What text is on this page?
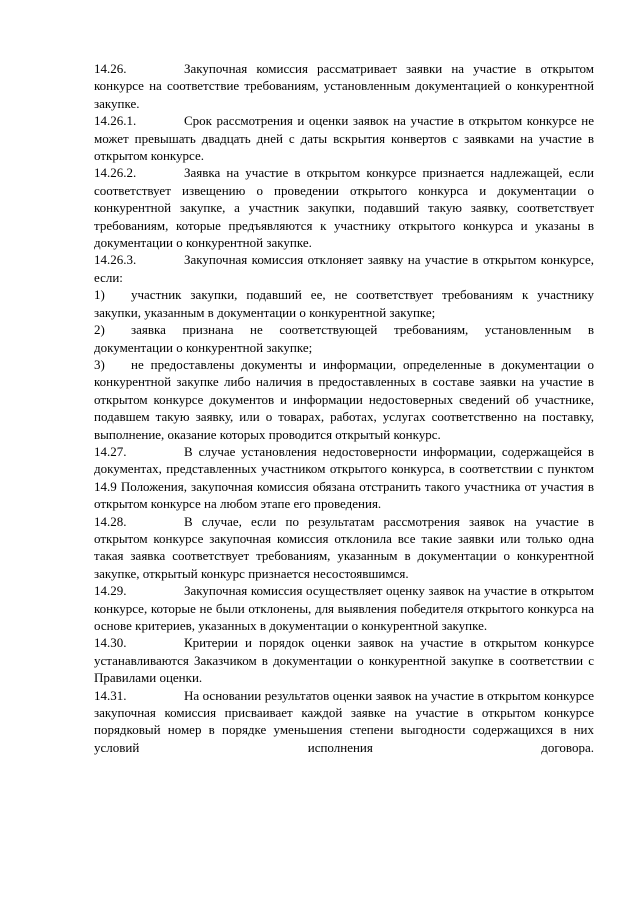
14.26.	Закупочная комиссия рассматривает заявки на участие в открытом конкурсе на соответствие требованиям, установленным документацией о конкурентной закупке.

14.26.1.	Срок рассмотрения и оценки заявок на участие в открытом конкурсе не может превышать двадцать дней с даты вскрытия конвертов с заявками на участие в открытом конкурсе.

14.26.2.	Заявка на участие в открытом конкурсе признается надлежащей, если соответствует извещению о проведении открытого конкурса и документации о конкурентной закупке, а участник закупки, подавший такую заявку, соответствует требованиям, которые предъявляются к участнику открытого конкурса и указаны в документации о конкурентной закупке.

14.26.3.	Закупочная комиссия отклоняет заявку на участие в открытом конкурсе, если:

1) участник закупки, подавший ее, не соответствует требованиям к участнику закупки, указанным в документации о конкурентной закупке;

2) заявка признана не соответствующей требованиям, установленным в документации о конкурентной закупке;

3) не предоставлены документы и информации, определенные в документации о конкурентной закупке либо наличия в предоставленных в составе заявки на участие в открытом конкурсе документов и информации недостоверных сведений об участнике, подавшем такую заявку, или о товарах, работах, услугах соответственно на поставку, выполнение, оказание которых проводится открытый конкурс.

14.27.	В случае установления недостоверности информации, содержащейся в документах, представленных участником открытого конкурса, в соответствии с пунктом 14.9 Положения, закупочная комиссия обязана отстранить такого участника от участия в открытом конкурсе на любом этапе его проведения.

14.28.	В случае, если по результатам рассмотрения заявок на участие в открытом конкурсе закупочная комиссия отклонила все такие заявки или только одна такая заявка соответствует требованиям, указанным в документации о конкурентной закупке, открытый конкурс признается несостоявшимся.

14.29.	Закупочная комиссия осуществляет оценку заявок на участие в открытом конкурсе, которые не были отклонены, для выявления победителя открытого конкурса на основе критериев, указанных в документации о конкурентной закупке.

14.30.	Критерии и порядок оценки заявок на участие в открытом конкурсе устанавливаются Заказчиком в документации о конкурентной закупке в соответствии с Правилами оценки.

14.31.	На основании результатов оценки заявок на участие в открытом конкурсе закупочная комиссия присваивает каждой заявке на участие в открытом конкурсе порядковый номер в порядке уменьшения степени выгодности содержащихся в них условий исполнения договора.
